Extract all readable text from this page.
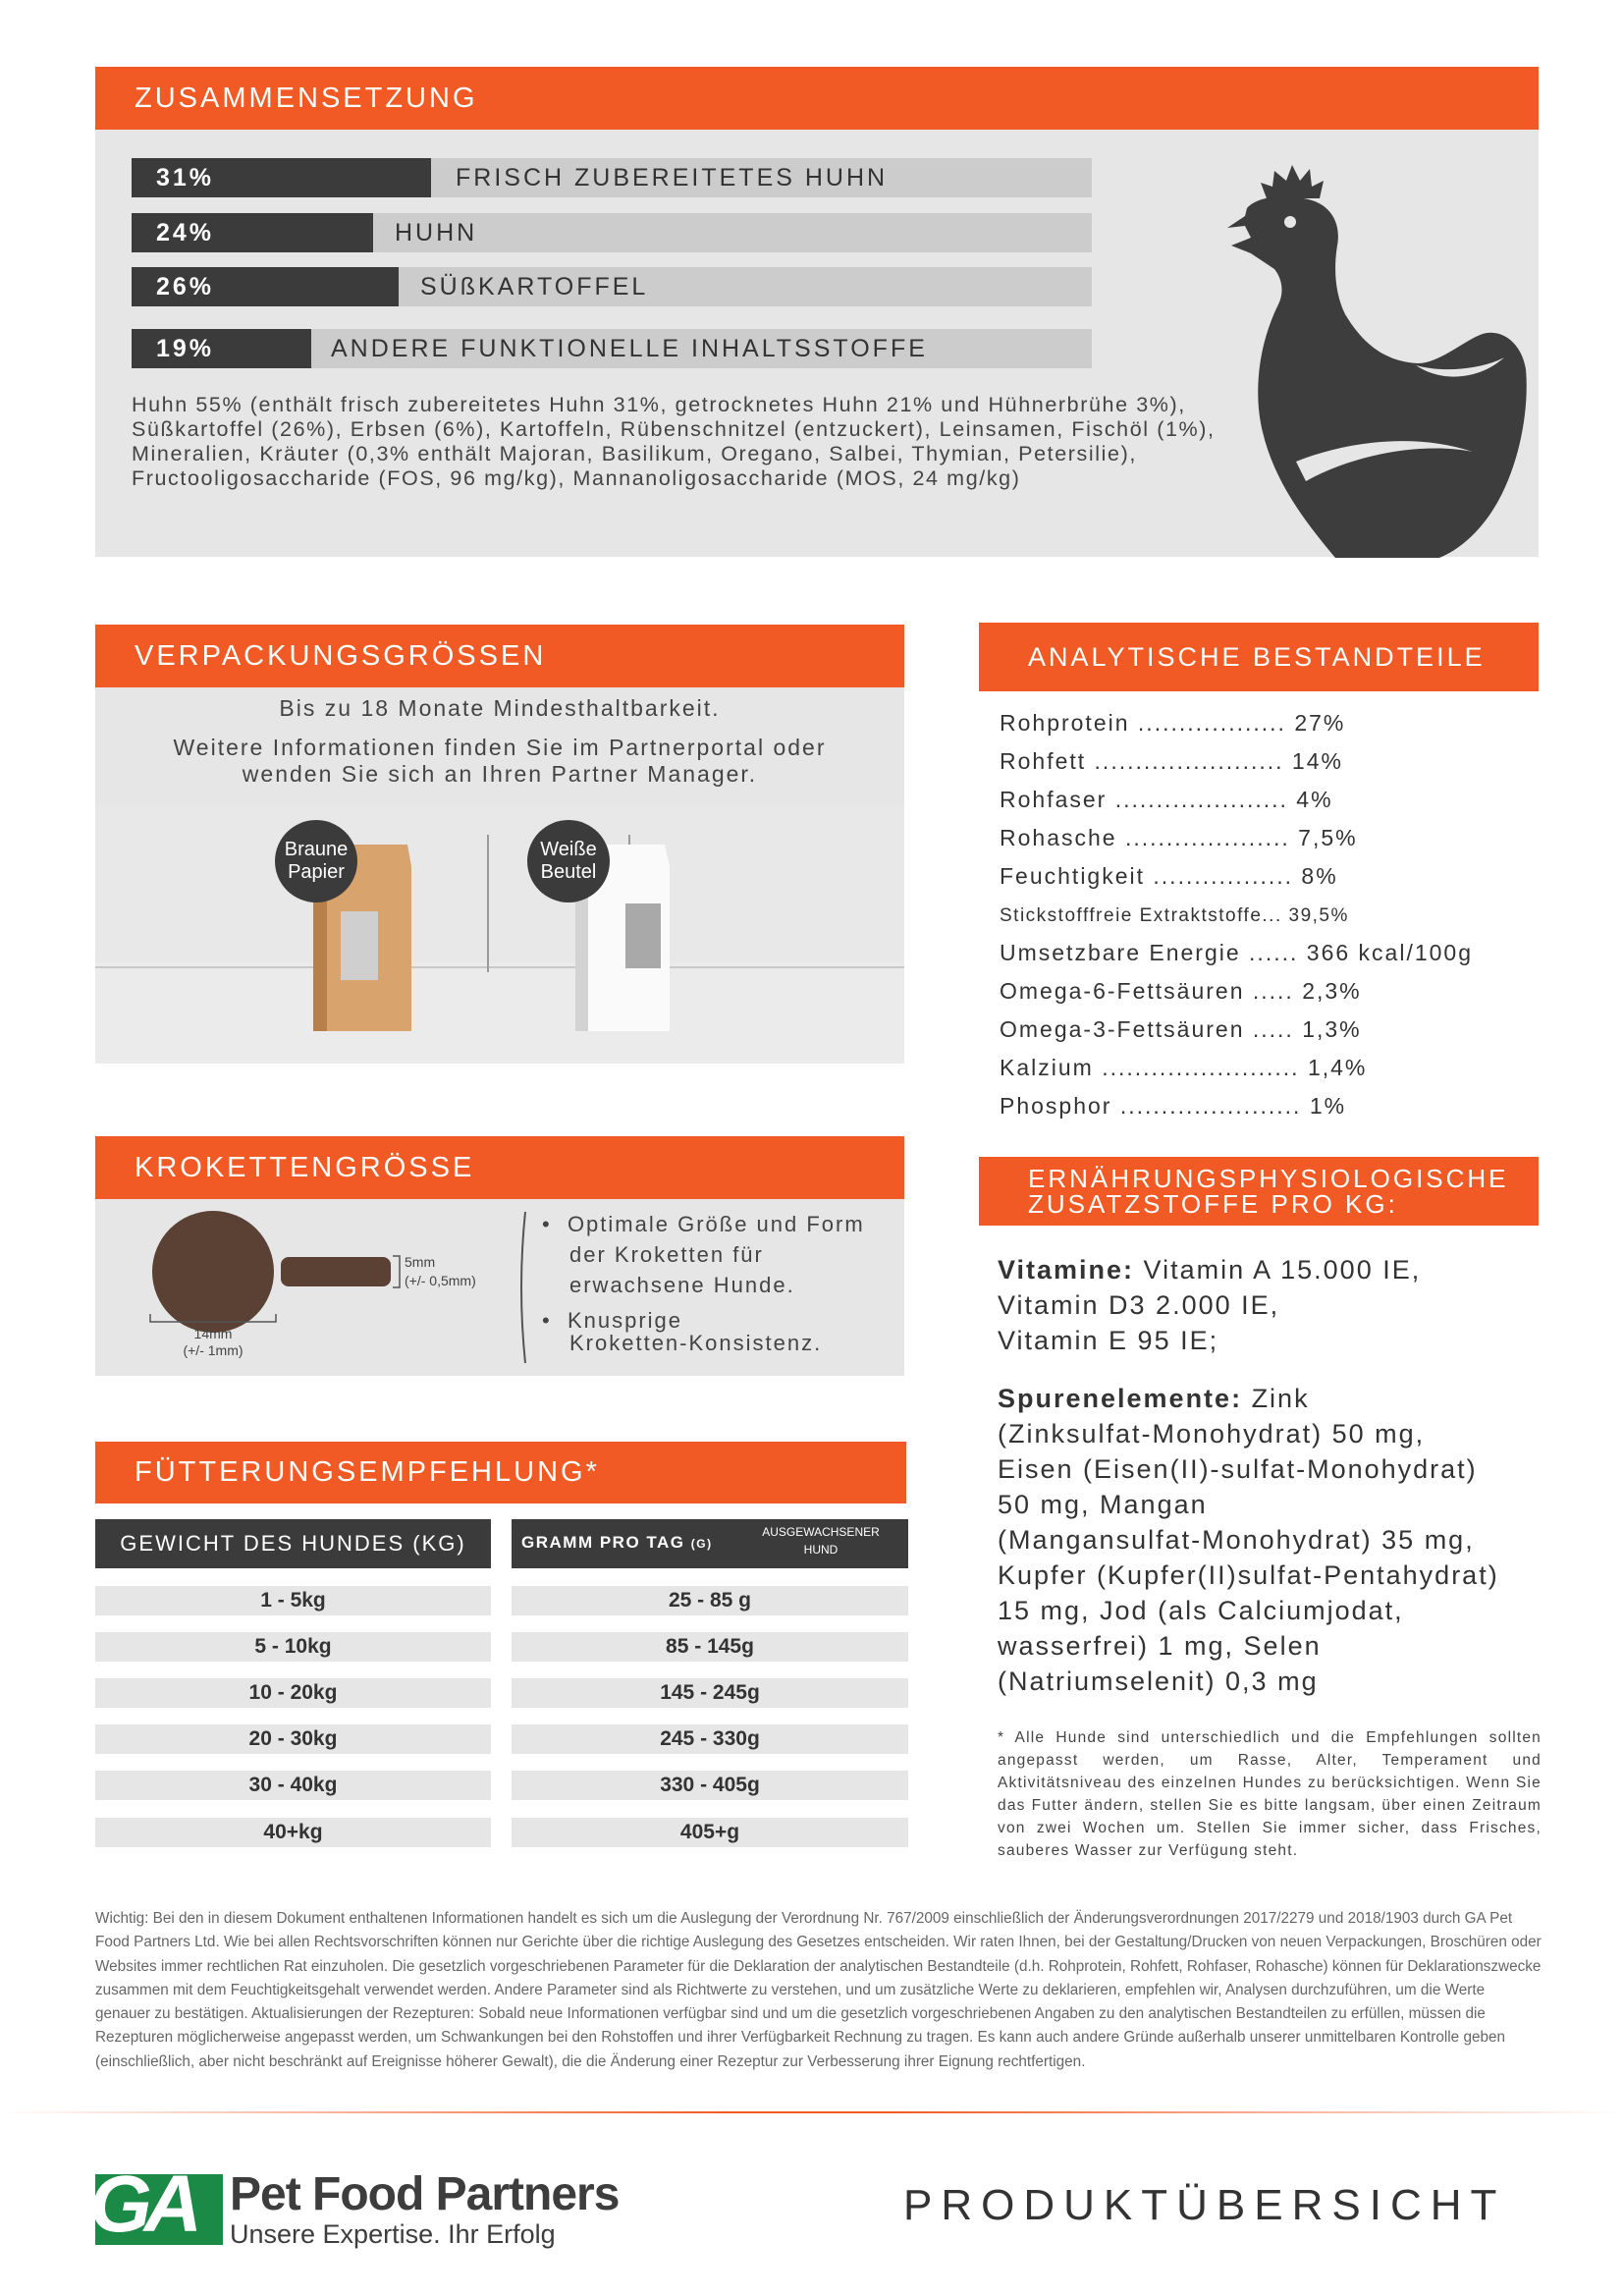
ZUSAMMENSETZUNG
31%	FRISCH ZUBEREITETES HUHN
24%	HUHN
26%	SÜßKARTOFFEL
19%	ANDERE FUNKTIONELLE INHALTSSTOFFE
Huhn 55% (enthält frisch zubereitetes Huhn 31%, getrocknetes Huhn 21% und Hühnerbrühe 3%), Süßkartoffel (26%), Erbsen (6%), Kartoffeln, Rübenschnitzel (entzuckert), Leinsamen, Fischöl (1%), Mineralien, Kräuter (0,3% enthält Majoran, Basilikum, Oregano, Salbei, Thymian, Petersilie), Fructooligosaccharide (FOS, 96 mg/kg), Mannanoligosaccharide (MOS, 24 mg/kg)
VERPACKUNGSGRÖSSEN
Bis zu 18 Monate Mindesthaltbarkeit.
Weitere Informationen finden Sie im Partnerportal oder
wenden Sie sich an Ihren Partner Manager.
Braune
Papier
Weiße
Beutel
KROKETTENGRÖSSE
14mm
(+/- 1mm)
5mm
(+/- 0,5mm)
•  Optimale Größe und Form
der Kroketten für
erwachsene Hunde.
•  Knusprige
Kroketten-Konsistenz.
FÜTTERUNGSEMPFEHLUNG*
GEWICHT DES HUNDES (KG)	GRAMM PRO TAG (G)
AUSGEWACHSENER
HUND
1 - 5kg	25 - 85 g
5 - 10kg	85 - 145g
10 - 20kg	145 - 245g
20 - 30kg	245 - 330g
30 - 40kg	330 - 405g
40+kg	405+g
ANALYTISCHE BESTANDTEILE
Rohprotein .................. 27%
Rohfett ....................... 14%
Rohfaser ..................... 4%
Rohasche .................... 7,5%
Feuchtigkeit ................. 8%
Stickstofffreie Extraktstoffe... 39,5%
Umsetzbare Energie ...... 366 kcal/100g
Omega-6-Fettsäuren ..... 2,3%
Omega-3-Fettsäuren ..... 1,3%
Kalzium ........................ 1,4%
Phosphor ...................... 1%
ERNÄHRUNGSPHYSIOLOGISCHE
ZUSATZSTOFFE PRO KG:
Vitamine: Vitamin A 15.000 IE,
Vitamin D3 2.000 IE,
Vitamin E 95 IE;
Spurenelemente: Zink
(Zinksulfat-Monohydrat) 50 mg,
Eisen (Eisen(II)-sulfat-Monohydrat)
50 mg, Mangan
(Mangansulfat-Monohydrat) 35 mg,
Kupfer (Kupfer(II)sulfat-Pentahydrat)
15 mg, Jod (als Calciumjodat,
wasserfrei) 1 mg, Selen
(Natriumselenit) 0,3 mg
* Alle Hunde sind unterschiedlich und die Empfehlungen sollten angepasst werden, um Rasse, Alter, Temperament und Aktivitätsniveau des einzelnen Hundes zu berücksichtigen. Wenn Sie das Futter ändern, stellen Sie es bitte langsam, über einen Zeitraum von zwei Wochen um. Stellen Sie immer sicher, dass Frisches, sauberes Wasser zur Verfügung steht.
Wichtig: Bei den in diesem Dokument enthaltenen Informationen handelt es sich um die Auslegung der Verordnung Nr. 767/2009 einschließlich der Änderungsverordnungen 2017/2279 und 2018/1903 durch GA Pet Food Partners Ltd. Wie bei allen Rechtsvorschriften können nur Gerichte über die richtige Auslegung des Gesetzes entscheiden. Wir raten Ihnen, bei der Gestaltung/Drucken von neuen Verpackungen, Broschüren oder Websites immer rechtlichen Rat einzuholen. Die gesetzlich vorgeschriebenen Parameter für die Deklaration der analytischen Bestandteile (d.h. Rohprotein, Rohfett, Rohfaser, Rohasche) können für Deklarationszwecke zusammen mit dem Feuchtigkeitsgehalt verwendet werden. Andere Parameter sind als Richtwerte zu verstehen, und um zusätzliche Werte zu deklarieren, empfehlen wir, Analysen durchzuführen, um die Werte genauer zu bestätigen. Aktualisierungen der Rezepturen: Sobald neue Informationen verfügbar sind und um die gesetzlich vorgeschriebenen Angaben zu den analytischen Bestandteilen zu erfüllen, müssen die Rezepturen möglicherweise angepasst werden, um Schwankungen bei den Rohstoffen und ihrer Verfügbarkeit Rechnung zu tragen. Es kann auch andere Gründe außerhalb unserer unmittelbaren Kontrolle geben (einschließlich, aber nicht beschränkt auf Ereignisse höherer Gewalt), die die Änderung einer Rezeptur zur Verbesserung ihrer Eignung rechtfertigen.
GA Pet Food Partners
Unsere Expertise. Ihr Erfolg
PRODUKTÜBERSICHT
